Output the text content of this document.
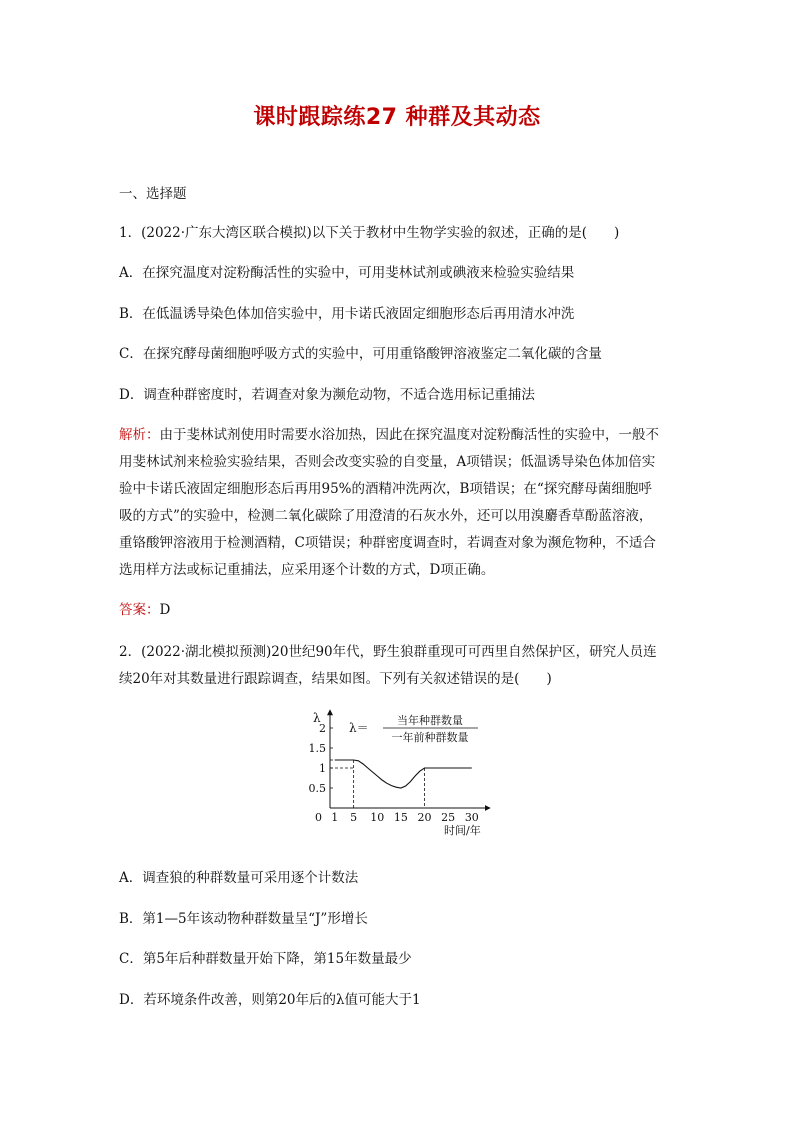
课时跟踪练27 种群及其动态
一、选择题
1．(2022·广东大湾区联合模拟)以下关于教材中生物学实验的叙述，正确的是(　　)
A．在探究温度对淀粉酶活性的实验中，可用斐林试剂或碘液来检验实验结果
B．在低温诱导染色体加倍实验中，用卡诺氏液固定细胞形态后再用清水冲洗
C．在探究酵母菌细胞呼吸方式的实验中，可用重铬酸钾溶液鉴定二氧化碳的含量
D．调查种群密度时，若调查对象为濒危动物，不适合选用标记重捕法
解析：由于斐林试剂使用时需要水浴加热，因此在探究温度对淀粉酶活性的实验中，一般不
用斐林试剂来检验实验结果，否则会改变实验的自变量，A项错误；低温诱导染色体加倍实
验中卡诺氏液固定细胞形态后再用95%的酒精冲洗两次，B项错误；在“探究酵母菌细胞呼
吸的方式”的实验中，检测二氧化碳除了用澄清的石灰水外，还可以用溴麝香草酚蓝溶液，
重铬酸钾溶液用于检测酒精，C项错误；种群密度调查时，若调查对象为濒危物种，不适合
选用样方法或标记重捕法，应采用逐个计数的方式，D项正确。
答案：D
2．(2022·湖北模拟预测)20世纪90年代，野生狼群重现可可西里自然保护区，研究人员连
续20年对其数量进行跟踪调查，结果如图。下列有关叙述错误的是(　　)
λ
时间/年
λ＝
当年种群数量
一年前种群数量
1 5 10 15 20 25 30
2
1.5
1
0.5
0
A．调查狼的种群数量可采用逐个计数法
B．第1—5年该动物种群数量呈“J”形增长
C．第5年后种群数量开始下降，第15年数量最少
D．若环境条件改善，则第20年后的λ值可能大于1
